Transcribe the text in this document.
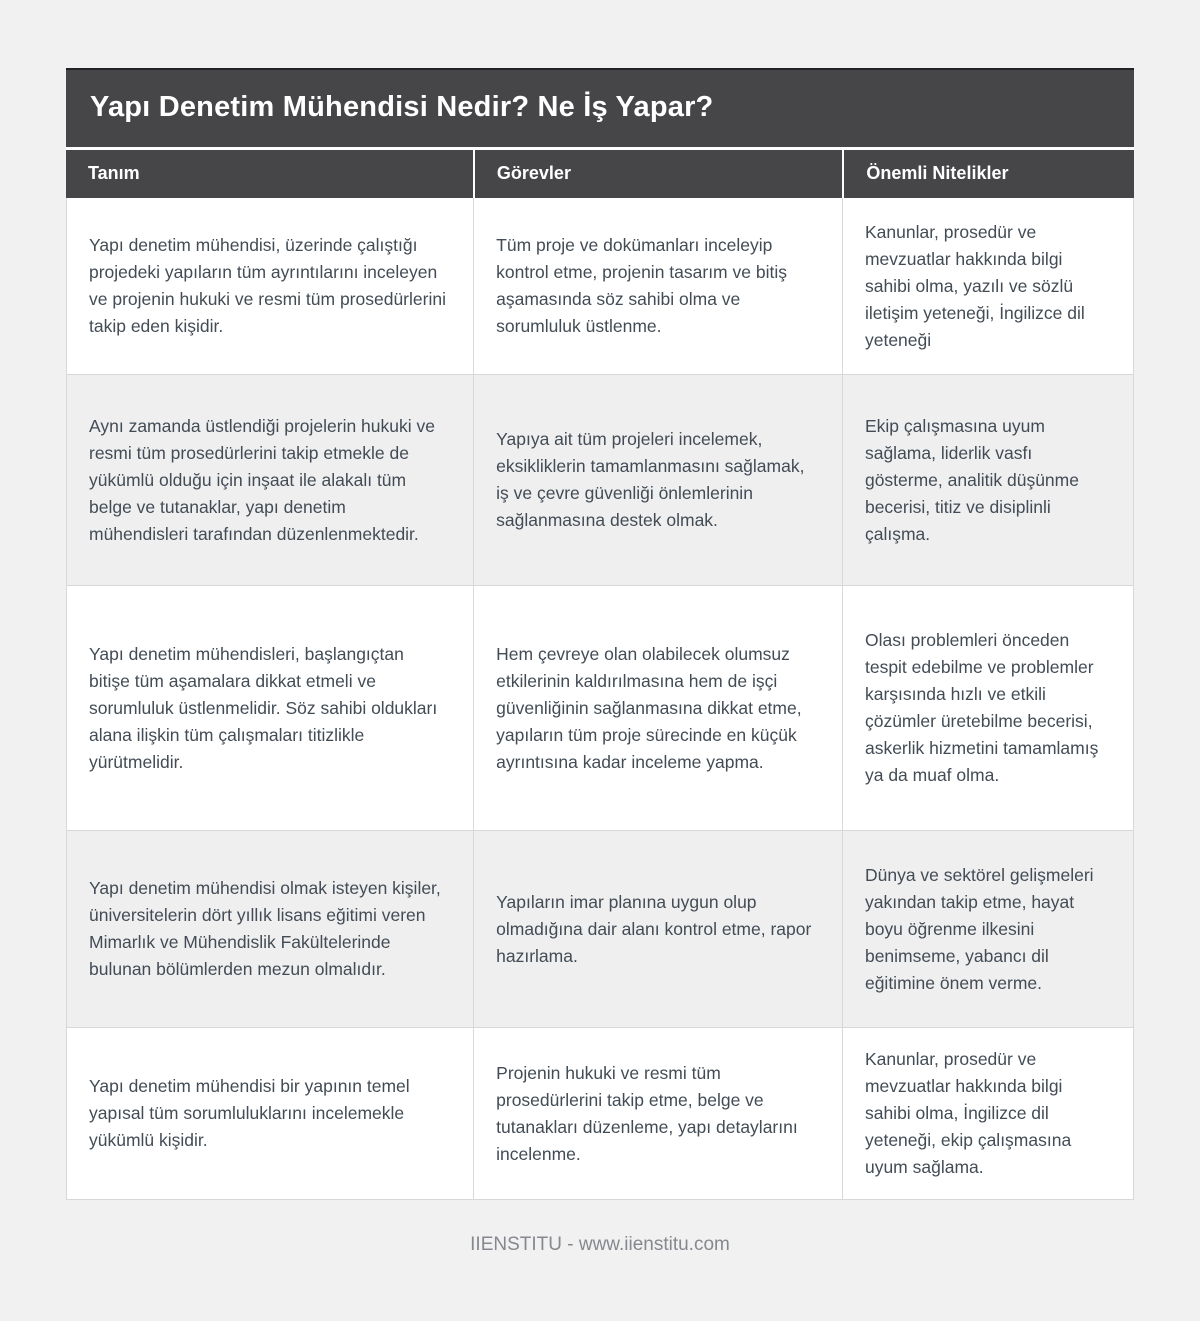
Yapı Denetim Mühendisi Nedir? Ne İş Yapar?
Tanım	Görevler	Önemli Nitelikler
Yapı denetim mühendisi, üzerinde çalıştığı projedeki yapıların tüm ayrıntılarını inceleyen ve projenin hukuki ve resmi tüm prosedürlerini takip eden kişidir.
Tüm proje ve dokümanları inceleyip kontrol etme, projenin tasarım ve bitiş aşamasında söz sahibi olma ve sorumluluk üstlenme.
Kanunlar, prosedür ve mevzuatlar hakkında bilgi sahibi olma, yazılı ve sözlü iletişim yeteneği, İngilizce dil yeteneği
Aynı zamanda üstlendiği projelerin hukuki ve resmi tüm prosedürlerini takip etmekle de yükümlü olduğu için inşaat ile alakalı tüm belge ve tutanaklar, yapı denetim mühendisleri tarafından düzenlenmektedir.
Yapıya ait tüm projeleri incelemek, eksikliklerin tamamlanmasını sağlamak, iş ve çevre güvenliği önlemlerinin sağlanmasına destek olmak.
Ekip çalışmasına uyum sağlama, liderlik vasfı gösterme, analitik düşünme becerisi, titiz ve disiplinli çalışma.
Yapı denetim mühendisleri, başlangıçtan bitişe tüm aşamalara dikkat etmeli ve sorumluluk üstlenmelidir. Söz sahibi oldukları alana ilişkin tüm çalışmaları titizlikle yürütmelidir.
Hem çevreye olan olabilecek olumsuz etkilerinin kaldırılmasına hem de işçi güvenliğinin sağlanmasına dikkat etme, yapıların tüm proje sürecinde en küçük ayrıntısına kadar inceleme yapma.
Olası problemleri önceden tespit edebilme ve problemler karşısında hızlı ve etkili çözümler üretebilme becerisi, askerlik hizmetini tamamlamış ya da muaf olma.
Yapı denetim mühendisi olmak isteyen kişiler, üniversitelerin dört yıllık lisans eğitimi veren Mimarlık ve Mühendislik Fakültelerinde bulunan bölümlerden mezun olmalıdır.
Yapıların imar planına uygun olup olmadığına dair alanı kontrol etme, rapor hazırlama.
Dünya ve sektörel gelişmeleri yakından takip etme, hayat boyu öğrenme ilkesini benimseme, yabancı dil eğitimine önem verme.
Yapı denetim mühendisi bir yapının temel yapısal tüm sorumluluklarını incelemekle yükümlü kişidir.
Projenin hukuki ve resmi tüm prosedürlerini takip etme, belge ve tutanakları düzenleme, yapı detaylarını incelenme.
Kanunlar, prosedür ve mevzuatlar hakkında bilgi sahibi olma, İngilizce dil yeteneği, ekip çalışmasına uyum sağlama.
IIENSTITU - www.iienstitu.com
